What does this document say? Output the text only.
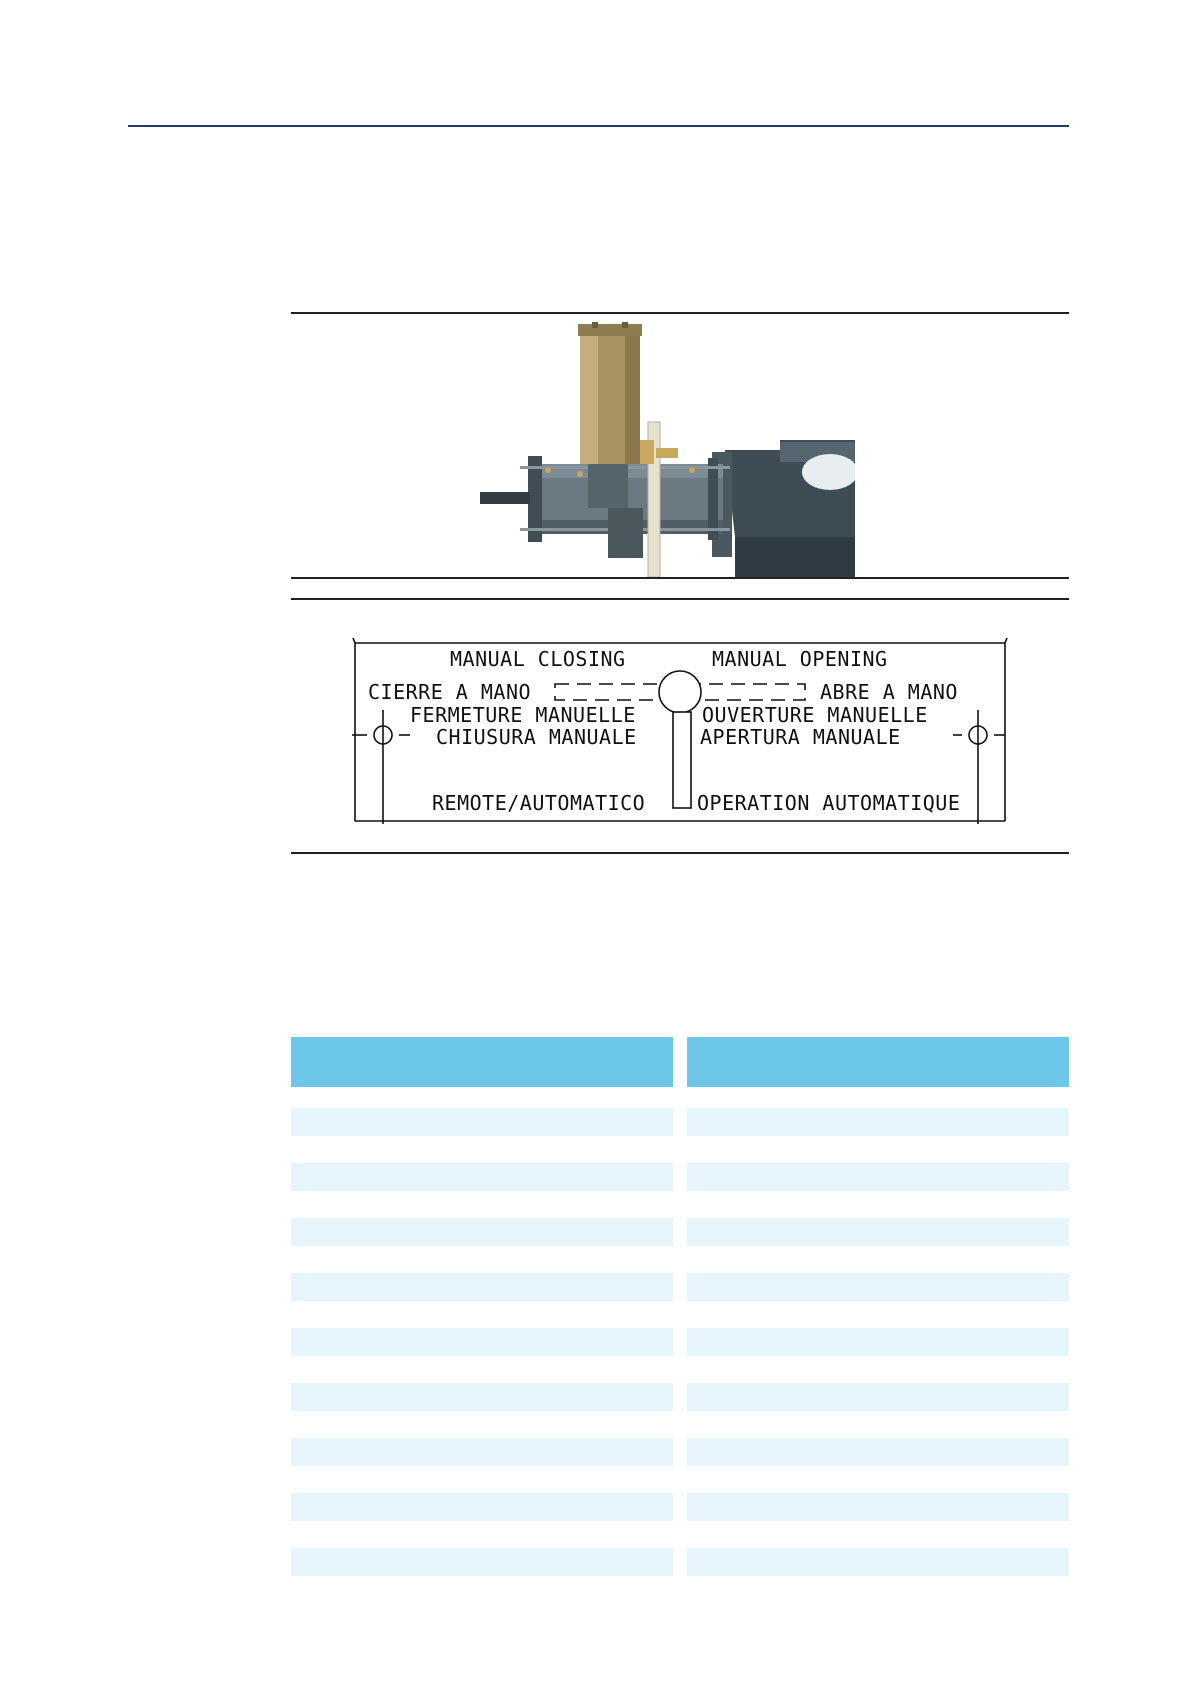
MANUAL CLOSING	MANUAL OPENING
CIERRE A MANO	ABRE A MANO
FERMETURE MANUELLE	OUVERTURE MANUELLE
CHIUSURA MANUALE	APERTURA MANUALE
REMOTE/AUTOMATICO	OPERATION AUTOMATIQUE
